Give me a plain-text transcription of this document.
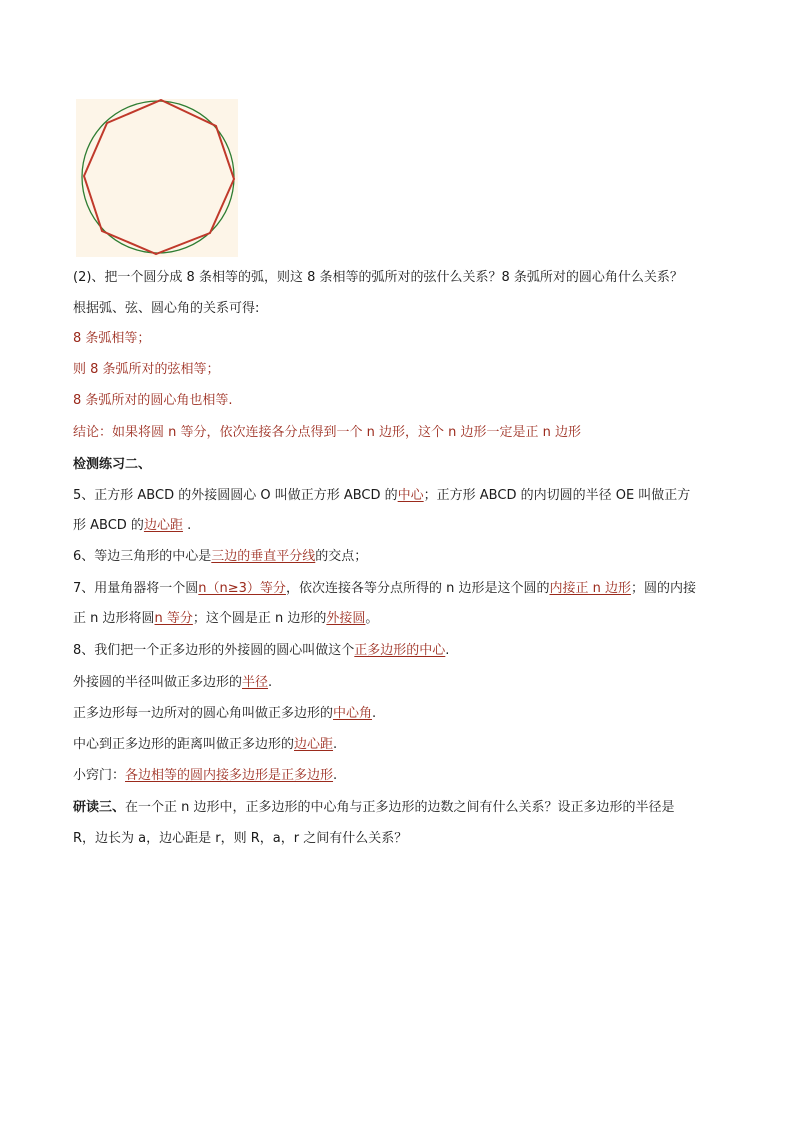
(2)、把一个圆分成 8 条相等的弧，则这 8 条相等的弧所对的弦什么关系？8 条弧所对的圆心角什么关系？
根据弧、弦、圆心角的关系可得:
8 条弧相等；
则 8 条弧所对的弦相等；
8 条弧所对的圆心角也相等.
结论：如果将圆 n 等分，依次连接各分点得到一个 n 边形，这个 n 边形一定是正 n 边形
检测练习二、
5、正方形 ABCD 的外接圆圆心 O 叫做正方形 ABCD 的中心；正方形 ABCD 的内切圆的半径 OE 叫做正方
形 ABCD 的边心距 .
6、等边三角形的中心是三边的垂直平分线的交点；
7、用量角器将一个圆n（n≥3）等分，依次连接各等分点所得的 n 边形是这个圆的内接正 n 边形；圆的内接
正 n 边形将圆n 等分；这个圆是正 n 边形的外接圆。
8、我们把一个正多边形的外接圆的圆心叫做这个正多边形的中心.
外接圆的半径叫做正多边形的半径.
正多边形每一边所对的圆心角叫做正多边形的中心角.
中心到正多边形的距离叫做正多边形的边心距.
小窍门：各边相等的圆内接多边形是正多边形.
研读三、在一个正 n 边形中，正多边形的中心角与正多边形的边数之间有什么关系？设正多边形的半径是
R，边长为 a，边心距是 r，则 R，a，r 之间有什么关系？
